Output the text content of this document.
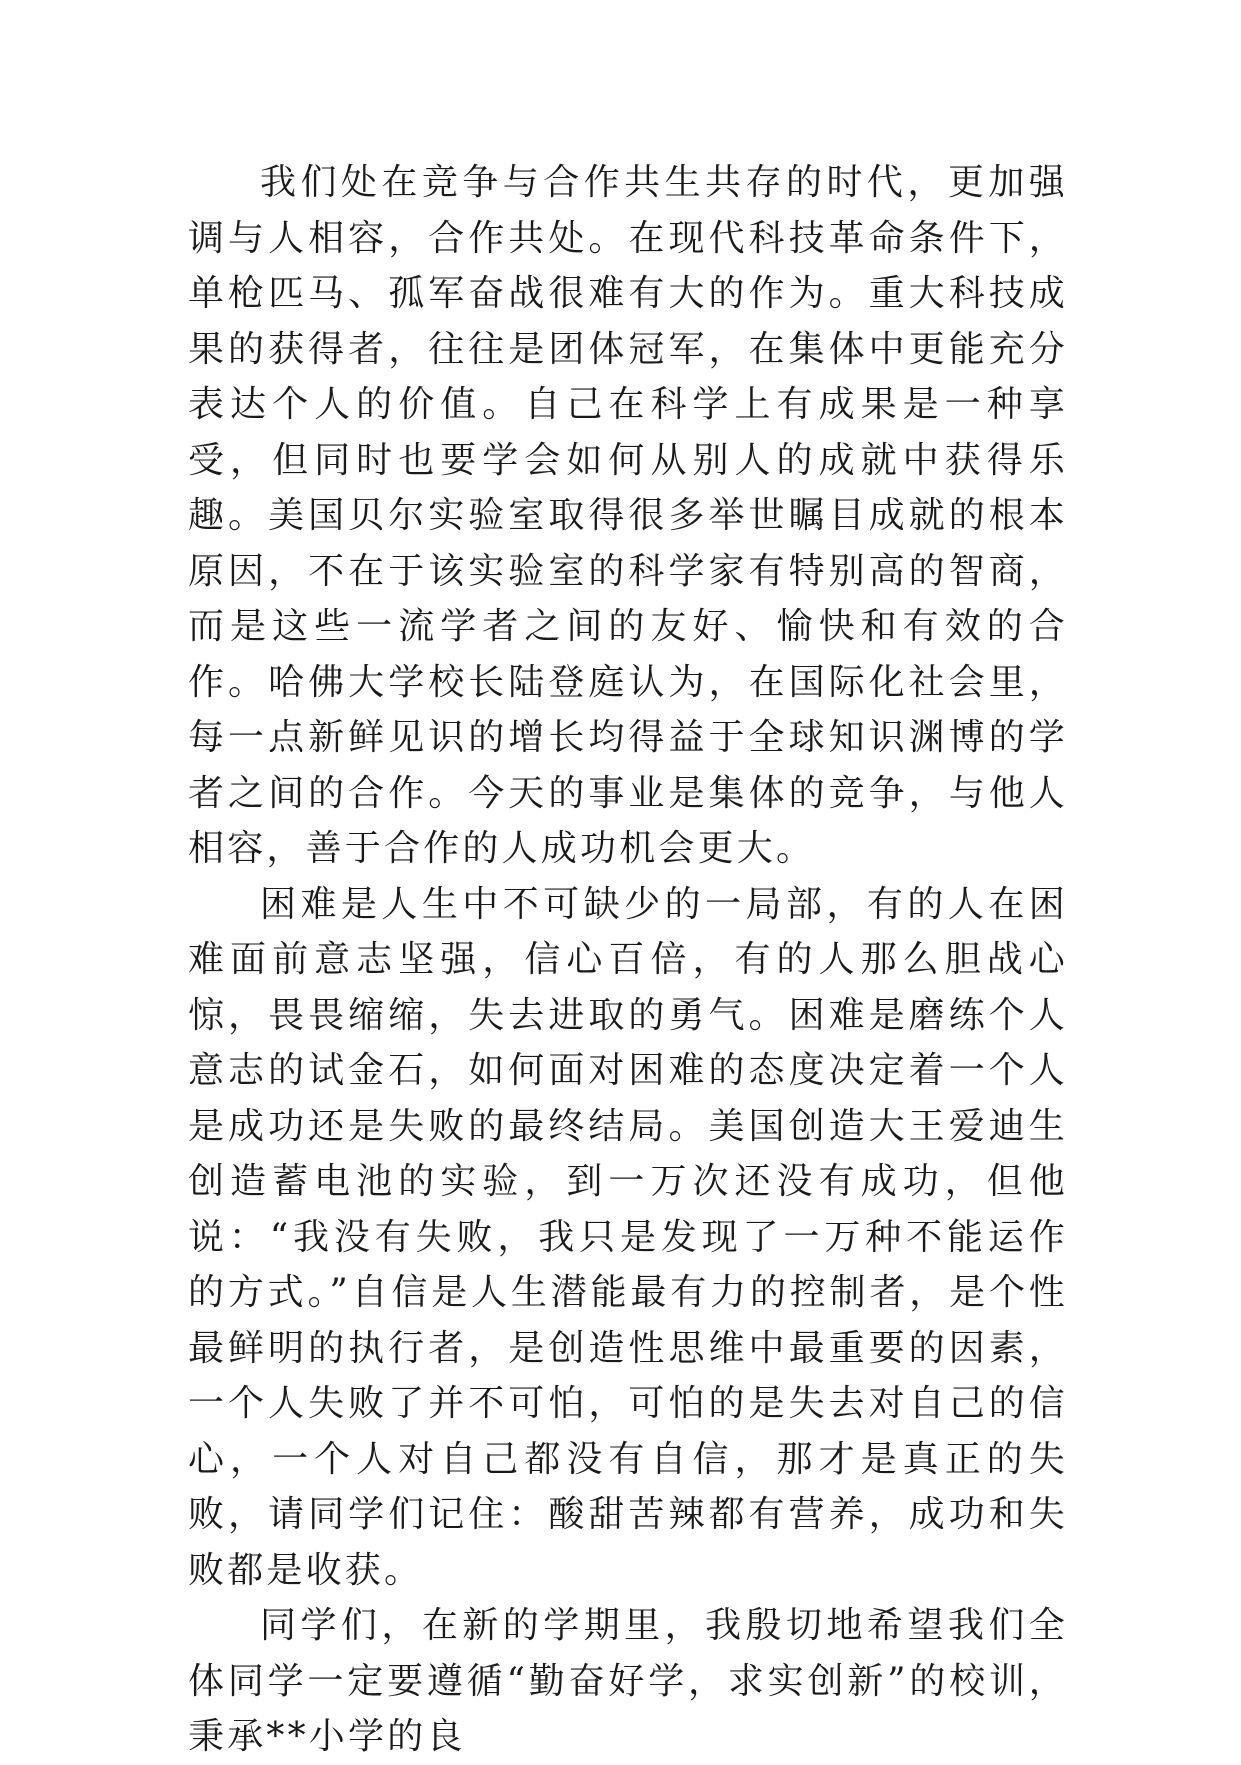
我们处在竞争与合作共生共存的时代，更加强调与人相容，合作共处。在现代科技革命条件下，单枪匹马、孤军奋战很难有大的作为。重大科技成果的获得者，往往是团体冠军，在集体中更能充分表达个人的价值。自己在科学上有成果是一种享受，但同时也要学会如何从别人的成就中获得乐趣。美国贝尔实验室取得很多举世瞩目成就的根本原因，不在于该实验室的科学家有特别高的智商，而是这些一流学者之间的友好、愉快和有效的合作。哈佛大学校长陆登庭认为，在国际化社会里，每一点新鲜见识的增长均得益于全球知识渊博的学者之间的合作。今天的事业是集体的竞争，与他人相容，善于合作的人成功机会更大。

困难是人生中不可缺少的一局部，有的人在困难面前意志坚强，信心百倍，有的人那么胆战心惊，畏畏缩缩，失去进取的勇气。困难是磨练个人意志的试金石，如何面对困难的态度决定着一个人是成功还是失败的最终结局。美国创造大王爱迪生创造蓄电池的实验，到一万次还没有成功，但他说：“我没有失败，我只是发现了一万种不能运作的方式。”自信是人生潜能最有力的控制者，是个性最鲜明的执行者，是创造性思维中最重要的因素，一个人失败了并不可怕，可怕的是失去对自己的信心，一个人对自己都没有自信，那才是真正的失败，请同学们记住：酸甜苦辣都有营养，成功和失败都是收获。

同学们，在新的学期里，我殷切地希望我们全体同学一定要遵循“勤奋好学，求实创新”的校训，秉承**小学的良
